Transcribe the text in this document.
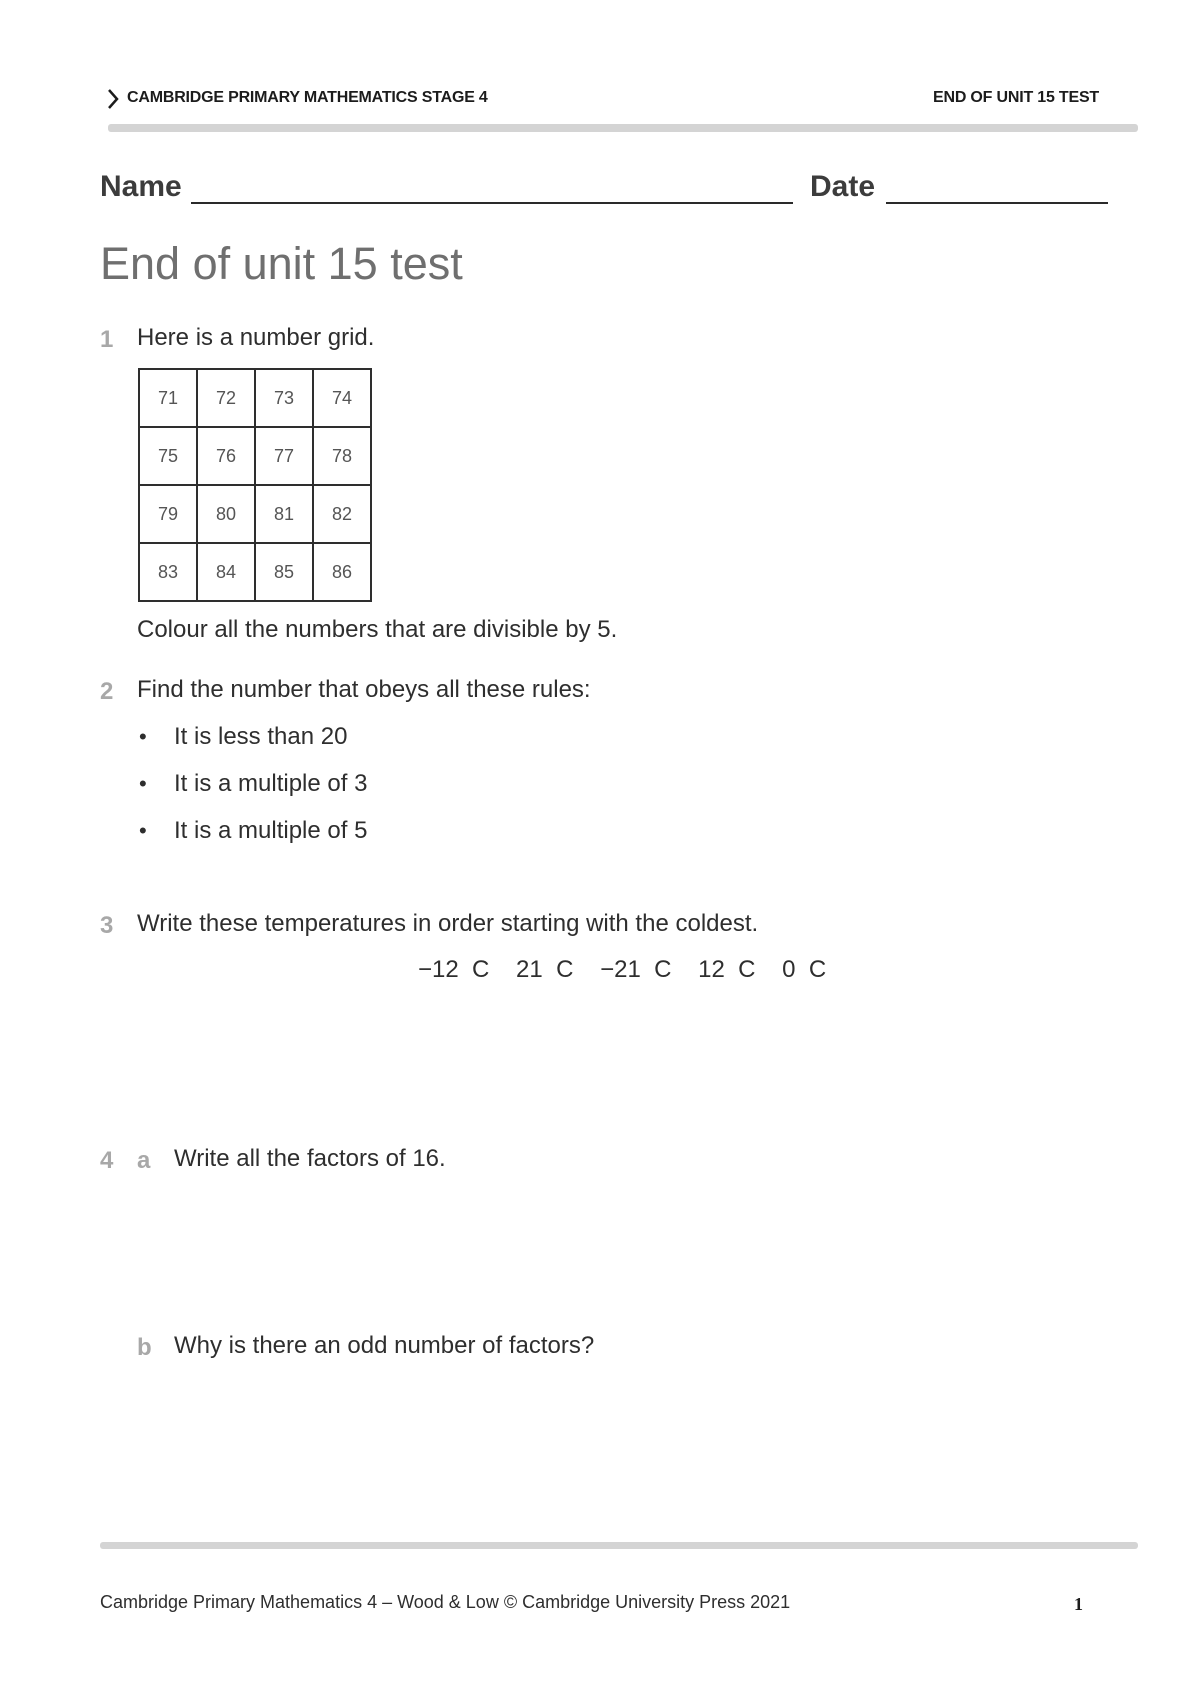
CAMBRIDGE PRIMARY MATHEMATICS STAGE 4	END OF UNIT 15 TEST
Name	Date
End of unit 15 test
1 Here is a number grid.
71	72	73	74
75	76	77	78
79	80	81	82
83	84	85	86
Colour all the numbers that are divisible by 5.
2 Find the number that obeys all these rules:
• It is less than 20
• It is a multiple of 3
• It is a multiple of 5
3 Write these temperatures in order starting with the coldest.
−12  C    21  C    −21  C    12  C    0  C
4 a Write all the factors of 16.
b Why is there an odd number of factors?
Cambridge Primary Mathematics 4 – Wood & Low © Cambridge University Press 2021	1
